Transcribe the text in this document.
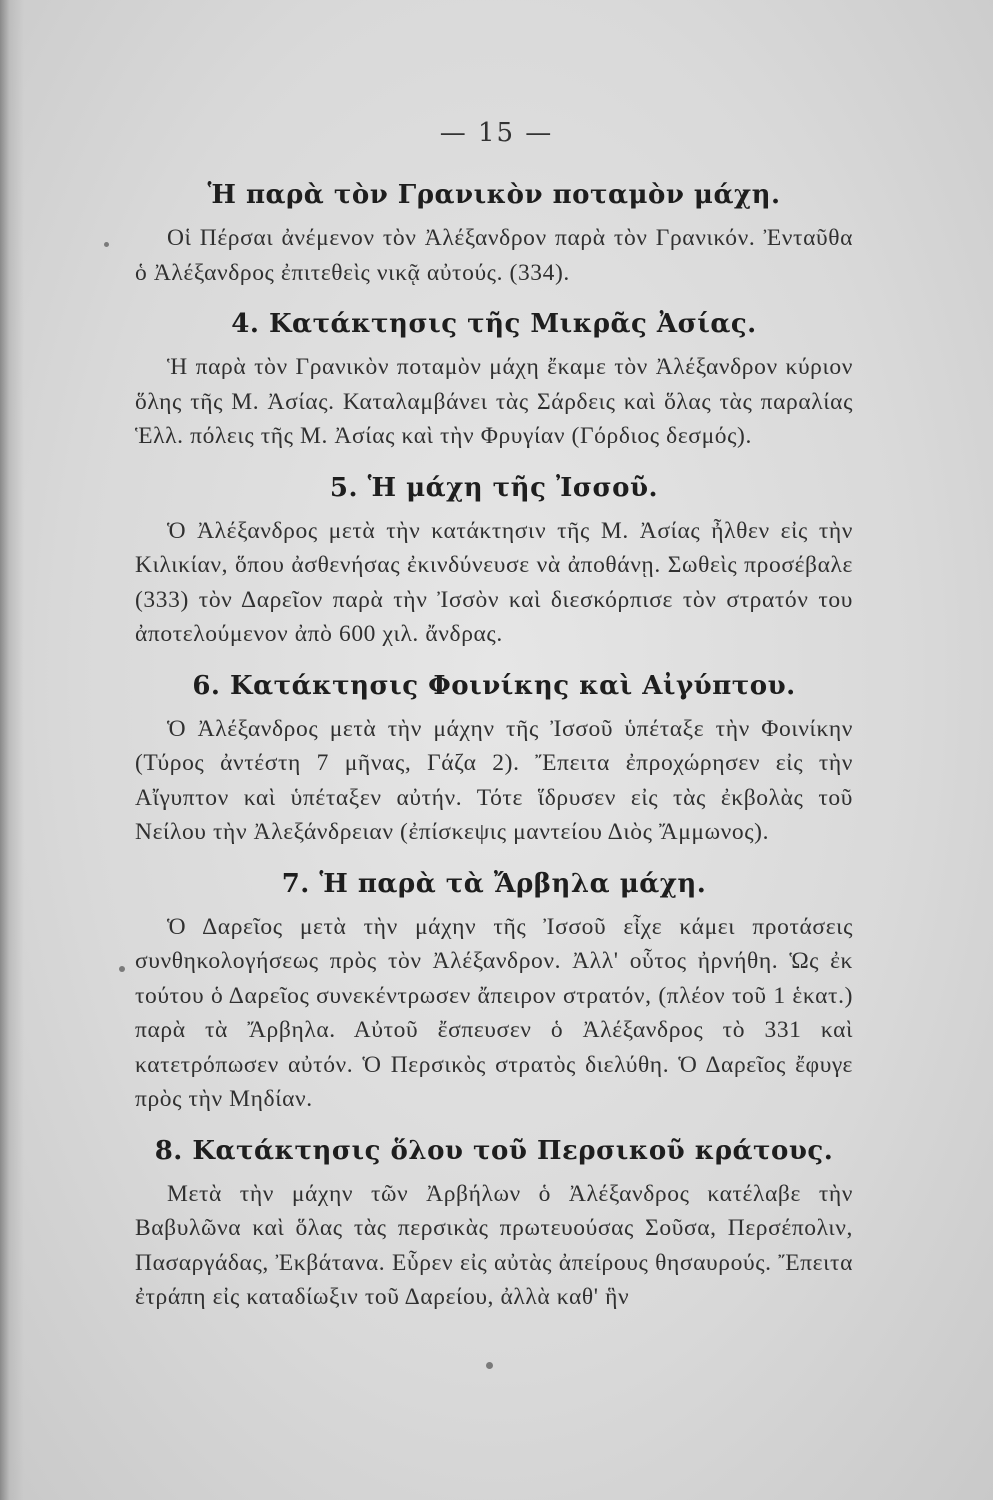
— 15 —
Ἡ παρὰ τὸν Γρανικὸν ποταμὸν μάχη.

Οἱ Πέρσαι ἀνέμενον τὸν Ἀλέξανδρον παρὰ τὸν Γρανικόν. Ἐνταῦθα ὁ Ἀλέξανδρος ἐπιτεθεὶς νικᾷ αὐτούς. (334).

4. Κατάκτησις τῆς Μικρᾶς Ἀσίας.

Ἡ παρὰ τὸν Γρανικὸν ποταμὸν μάχη ἔκαμε τὸν Ἀλέξανδρον κύριον ὅλης τῆς Μ. Ἀσίας. Καταλαμβάνει τὰς Σάρδεις καὶ ὅλας τὰς παραλίας Ἑλλ. πόλεις τῆς Μ. Ἀσίας καὶ τὴν Φρυγίαν (Γόρδιος δεσμός).

5. Ἡ μάχη τῆς Ἰσσοῦ.

Ὁ Ἀλέξανδρος μετὰ τὴν κατάκτησιν τῆς Μ. Ἀσίας ἦλθεν εἰς τὴν Κιλικίαν, ὅπου ἀσθενήσας ἐκινδύνευσε νὰ ἀποθάνῃ. Σωθεὶς προσέβαλε (333) τὸν Δαρεῖον παρὰ τὴν Ἰσσὸν καὶ διεσκόρπισε τὸν στρατόν του ἀποτελούμενον ἀπὸ 600 χιλ. ἄνδρας.

6. Κατάκτησις Φοινίκης καὶ Αἰγύπτου.

Ὁ Ἀλέξανδρος μετὰ τὴν μάχην τῆς Ἰσσοῦ ὑπέταξε τὴν Φοινίκην (Τύρος ἀντέστη 7 μῆνας, Γάζα 2). Ἔπειτα ἐπροχώρησεν εἰς τὴν Αἴγυπτον καὶ ὑπέταξεν αὐτήν. Τότε ἵδρυσεν εἰς τὰς ἐκβολὰς τοῦ Νείλου τὴν Ἀλεξάνδρειαν (ἐπίσκεψις μαντείου Διὸς Ἄμμωνος).

7. Ἡ παρὰ τὰ Ἄρβηλα μάχη.

Ὁ Δαρεῖος μετὰ τὴν μάχην τῆς Ἰσσοῦ εἶχε κάμει προτάσεις συνθηκολογήσεως πρὸς τὸν Ἀλέξανδρον. Ἀλλ' οὗτος ἠρνήθη. Ὡς ἐκ τούτου ὁ Δαρεῖος συνεκέντρωσεν ἄπειρον στρατόν, (πλέον τοῦ 1 ἑκατ.) παρὰ τὰ Ἄρβηλα. Αὐτοῦ ἔσπευσεν ὁ Ἀλέξανδρος τὸ 331 καὶ κατετρόπωσεν αὐτόν. Ὁ Περσικὸς στρατὸς διελύθη. Ὁ Δαρεῖος ἔφυγε πρὸς τὴν Μηδίαν.

8. Κατάκτησις ὅλου τοῦ Περσικοῦ κράτους.

Μετὰ τὴν μάχην τῶν Ἀρβήλων ὁ Ἀλέξανδρος κατέλαβε τὴν Βαβυλῶνα καὶ ὅλας τὰς περσικὰς πρωτευούσας Σοῦσα, Περσέπολιν, Πασαργάδας, Ἐκβάτανα. Εὗρεν εἰς αὐτὰς ἀπείρους θησαυρούς. Ἔπειτα ἐτράπη εἰς καταδίωξιν τοῦ Δαρείου, ἀλλὰ καθ' ἣν
